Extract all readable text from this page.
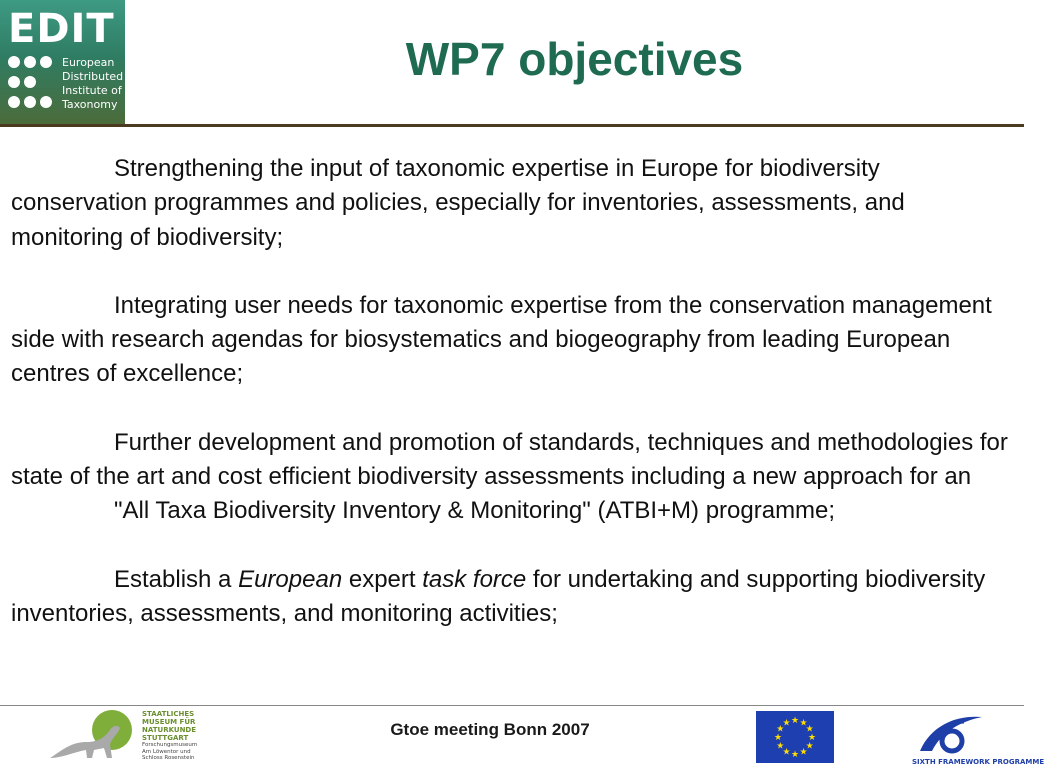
EDIT
European
Distributed
Institute of
Taxonomy
WP7 objectives

Strengthening the input of taxonomic expertise in Europe for biodiversity conservation programmes and policies, especially for inventories, assessments, and monitoring of biodiversity;

Integrating user needs for taxonomic expertise from the conservation management side with research agendas for biosystematics and biogeography from leading European centres of excellence;

Further development and promotion of standards, techniques and methodologies for state of the art and cost efficient biodiversity assessments including a new approach for an
"All Taxa Biodiversity Inventory & Monitoring" (ATBI+M) programme;

Establish a European expert task force for undertaking and supporting biodiversity inventories, assessments, and monitoring activities;

STAATLICHES
MUSEUM FÜR
NATURKUNDE
STUTTGART
Forschungsmuseum
Am Löwentor und
Schloss Rosenstein
Gtoe meeting Bonn 2007	★ ★
★
★
★
★
★
★
★
★
★
★
SIXTH FRAMEWORK PROGRAMME
